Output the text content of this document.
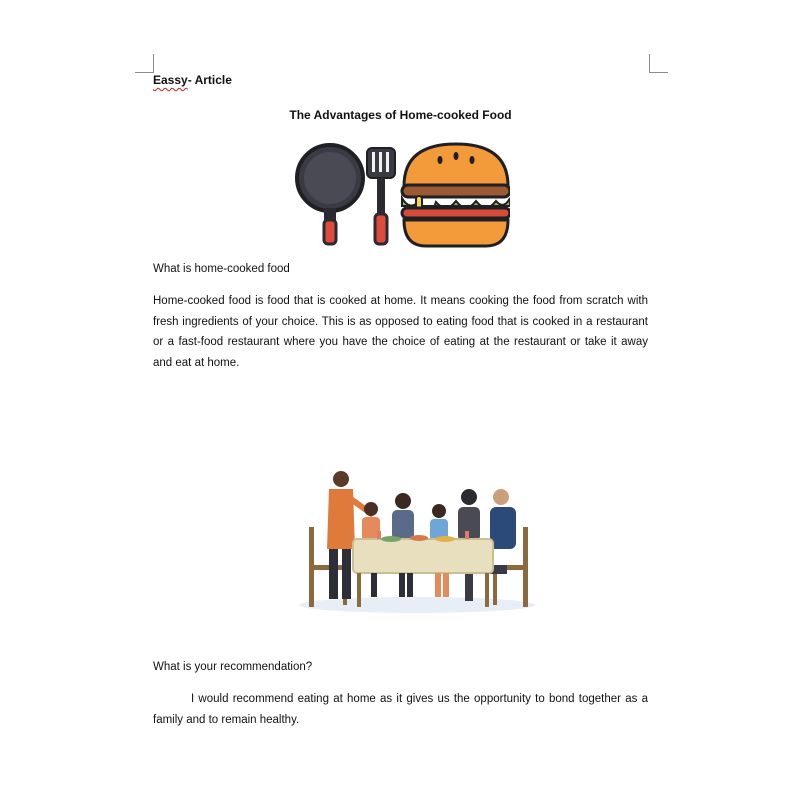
Eassy- Article
The Advantages of Home-cooked Food
What is home-cooked food
Home-cooked food is food that is cooked at home. It means cooking the food from scratch with fresh ingredients of your choice. This is as opposed to eating food that is cooked in a restaurant or a fast-food restaurant where you have the choice of eating at the restaurant or take it away and eat at home.
What is your recommendation?
I would recommend eating at home as it gives us the opportunity to bond together as a family and to remain healthy.
